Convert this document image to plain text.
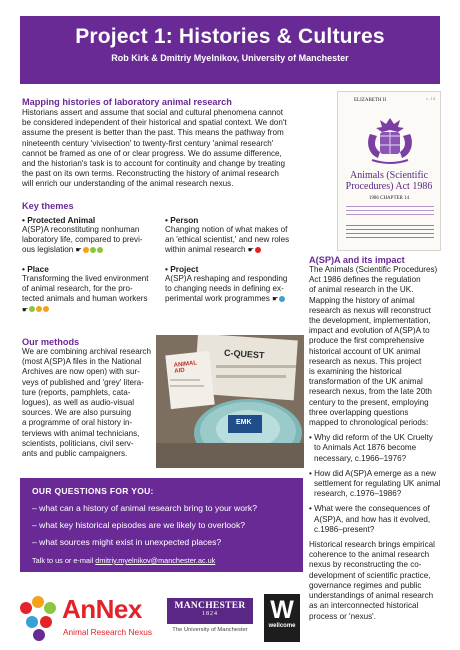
Project 1: Histories & Cultures
Rob Kirk & Dmitriy Myelnikov, University of Manchester
Mapping histories of laboratory animal research
Historians assert and assume that social and cultural phenomena cannot
be considered independent of their historical and spatial context. We don't
assume the present is better than the past. This means the pathway from
nineteenth century 'vivisection' to twenty-first century 'animal research'
cannot be framed as one of or clear progress. We do assume difference,
and the historian's task is to account for continuity and change by treating
the past on its own terms. Reconstructing the history of animal research
will enrich our understanding of the animal research nexus.
ELIZABETH II	c. 14
Animals (Scientific
Procedures) Act 1986
1986 CHAPTER 14
Key themes
• Protected Animal
A(SP)A reconstituting nonhuman
laboratory life, compared to previ-
ous legislation ☛
• Person
Changing notion of what makes of
an 'ethical scientist,' and new roles
within animal research ☛
• Place
Transforming the lived environment
of animal research, for the pro-
tected animals and human workers
☛
• Project
A(SP)A reshaping and responding
to changing needs in defining ex-
perimental work programmes ☛
Our methods
We are combining archival research
(most A(SP)A files in the National
Archives are now open) with sur-
veys of published and 'grey' litera-
ture (reports, pamphlets, cata-
logues), as well as audio-visual
sources. We are also pursuing
a programme of oral history in-
terviews with animal technicians,
scientists, politicians, civil serv-
ants and public campaigners.
C-QUEST
ANIMAL AID
EMK
A(SP)A and its impact
The Animals (Scientific Procedures)
Act 1986 defines the regulation
of animal research in the UK.
Mapping the history of animal
research as nexus will reconstruct
the development, implementation,
impact and evolution of A(SP)A to
produce the first comprehensive
historical account of UK animal
research as nexus. This project
is examining the historical
transformation of the UK animal
research nexus, from the late 20th
century to the present, employing
three overlapping questions
mapped to chronological periods:
• Why did reform of the UK Cruelty
to Animals Act 1876 become
necessary, c.1966–1976?
• How did A(SP)A emerge as a new
settlement for regulating UK animal
research, c.1976–1986?
• What were the consequences of
A(SP)A, and how has it evolved,
c.1986–present?
Historical research brings empirical
coherence to the animal research
nexus by reconstructing the co-
development of scientific practice,
governance regimes and public
understandings of animal research
as an interconnected historical
process or 'nexus'.
OUR QUESTIONS FOR YOU:
– what can a history of animal research bring to your work?
– what key historical episodes are we likely to overlook?
– what sources might exist in unexpected places?
Talk to us or e-mail dmitriy.myelnikov@manchester.ac.uk
AnNex
Animal Research Nexus
MANCHESTER
1824
The University of Manchester
W
wellcome
